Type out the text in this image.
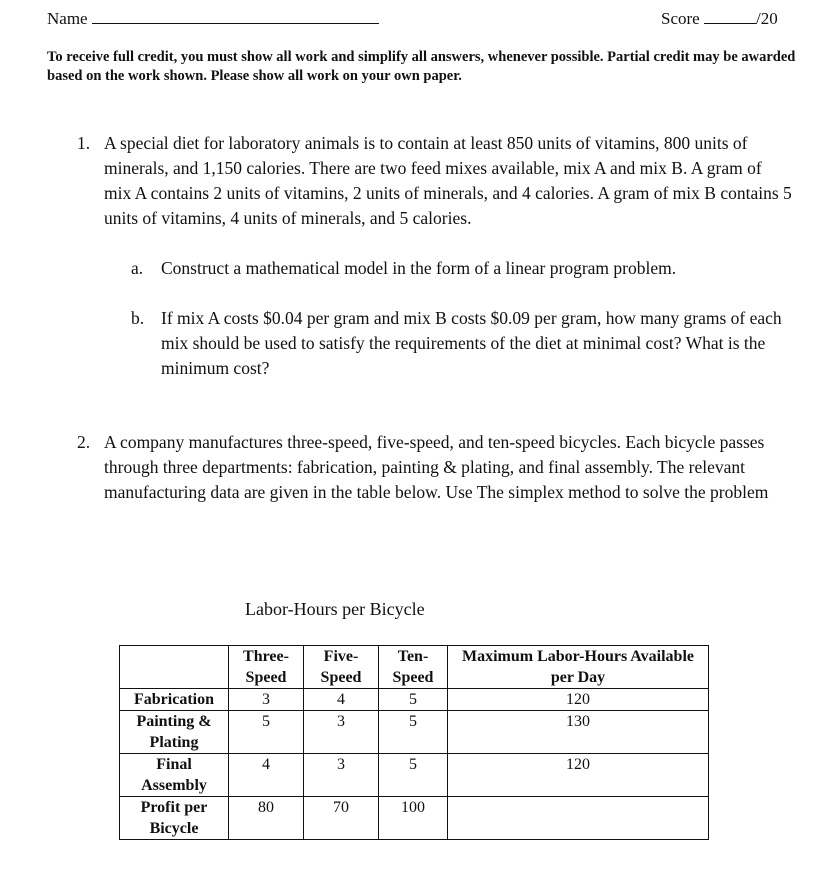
Name	Score	/20
To receive full credit, you must show all work and simplify all answers, whenever possible. Partial credit may be awarded based on the work shown. Please show all work on your own paper.
1. A special diet for laboratory animals is to contain at least 850 units of vitamins, 800 units of minerals, and 1,150 calories. There are two feed mixes available, mix A and mix B. A gram of mix A contains 2 units of vitamins, 2 units of minerals, and 4 calories. A gram of mix B contains 5 units of vitamins, 4 units of minerals, and 5 calories.
a. Construct a mathematical model in the form of a linear program problem.
b. If mix A costs $0.04 per gram and mix B costs $0.09 per gram, how many grams of each mix should be used to satisfy the requirements of the diet at minimal cost? What is the minimum cost?
2. A company manufactures three-speed, five-speed, and ten-speed bicycles. Each bicycle passes through three departments: fabrication, painting & plating, and final assembly. The relevant manufacturing data are given in the table below. Use The simplex method to solve the problem
Labor-Hours per Bicycle
	Three-Speed	Five-Speed	Ten-Speed	Maximum Labor-Hours Available per Day
Fabrication	3	4	5	120
Painting & Plating	5	3	5	130
Final Assembly	4	3	5	120
Profit per Bicycle	80	70	100	
